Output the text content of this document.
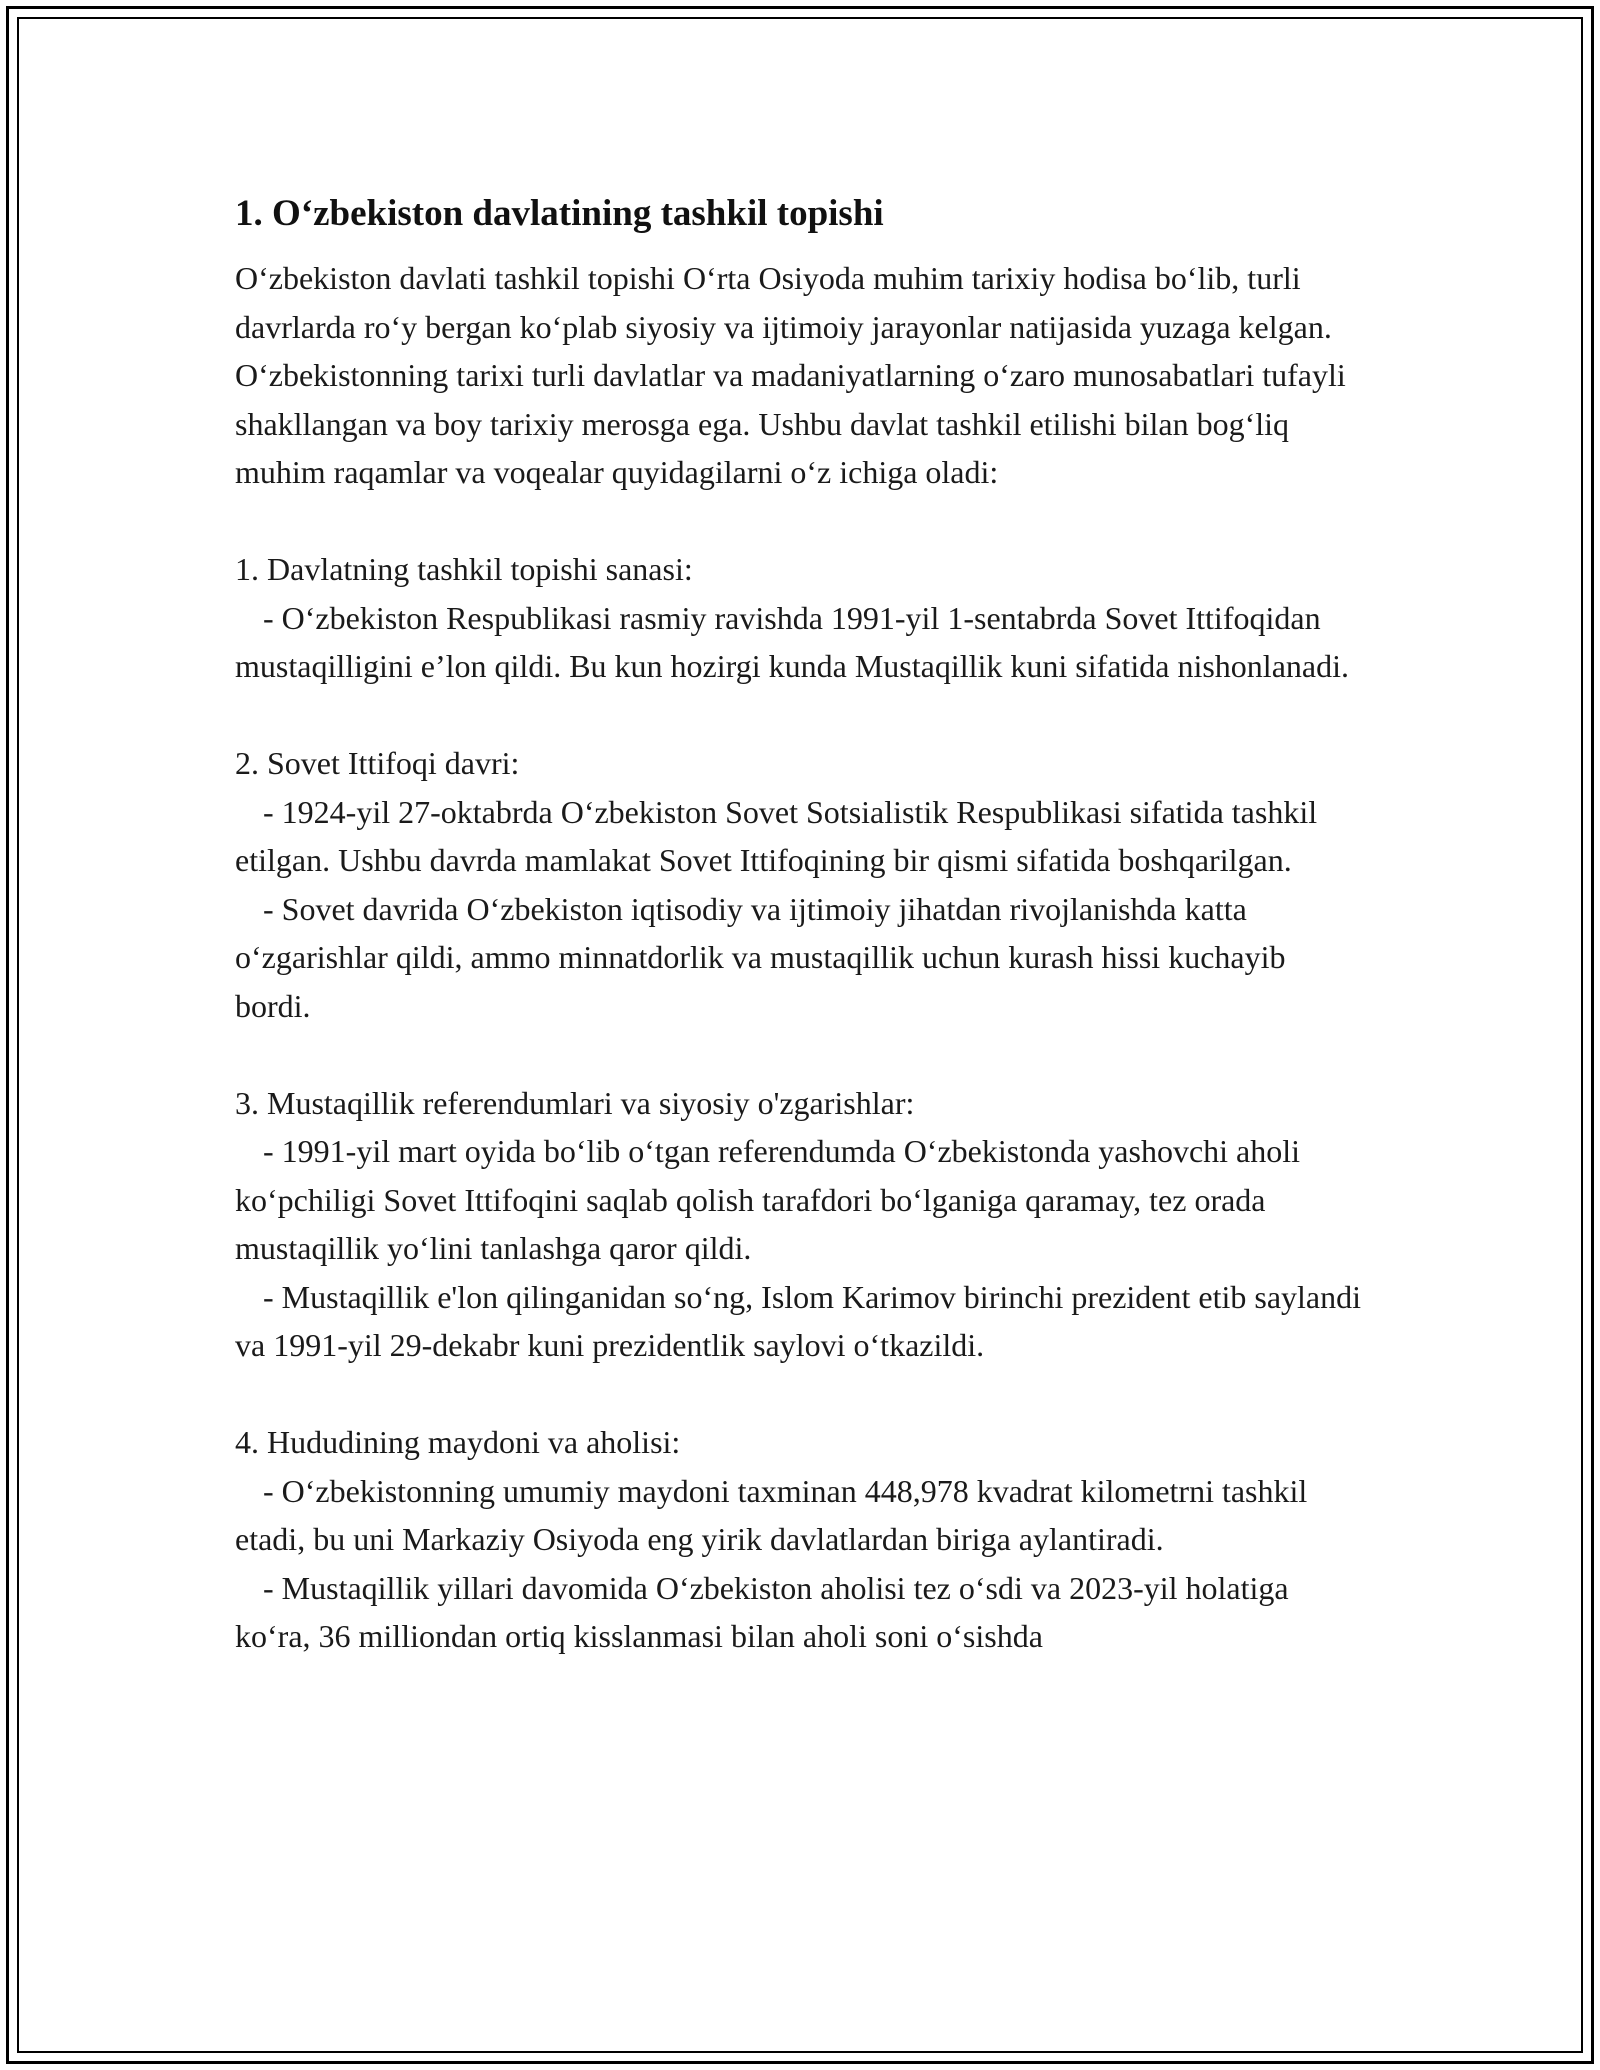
1. O‘zbekiston davlatining tashkil topishi

O‘zbekiston davlati tashkil topishi O‘rta Osiyoda muhim tarixiy hodisa bo‘lib, turli davrlarda ro‘y bergan ko‘plab siyosiy va ijtimoiy jarayonlar natijasida yuzaga kelgan. O‘zbekistonning tarixi turli davlatlar va madaniyatlarning o‘zaro munosabatlari tufayli shakllangan va boy tarixiy merosga ega. Ushbu davlat tashkil etilishi bilan bog‘liq muhim raqamlar va voqealar quyidagilarni o‘z ichiga oladi:

1. Davlatning tashkil topishi sanasi:

- O‘zbekiston Respublikasi rasmiy ravishda 1991-yil 1-sentabrda Sovet Ittifoqidan mustaqilligini e’lon qildi. Bu kun hozirgi kunda Mustaqillik kuni sifatida nishonlanadi.

2. Sovet Ittifoqi davri:

- 1924-yil 27-oktabrda O‘zbekiston Sovet Sotsialistik Respublikasi sifatida tashkil etilgan. Ushbu davrda mamlakat Sovet Ittifoqining bir qismi sifatida boshqarilgan.

- Sovet davrida O‘zbekiston iqtisodiy va ijtimoiy jihatdan rivojlanishda katta o‘zgarishlar qildi, ammo minnatdorlik va mustaqillik uchun kurash hissi kuchayib bordi.

3. Mustaqillik referendumlari va siyosiy o'zgarishlar:

- 1991-yil mart oyida bo‘lib o‘tgan referendumda O‘zbekistonda yashovchi aholi ko‘pchiligi Sovet Ittifoqini saqlab qolish tarafdori bo‘lganiga qaramay, tez orada mustaqillik yo‘lini tanlashga qaror qildi.

- Mustaqillik e'lon qilinganidan so‘ng, Islom Karimov birinchi prezident etib saylandi va 1991-yil 29-dekabr kuni prezidentlik saylovi o‘tkazildi.

4. Hududining maydoni va aholisi:

- O‘zbekistonning umumiy maydoni taxminan 448,978 kvadrat kilometrni tashkil etadi, bu uni Markaziy Osiyoda eng yirik davlatlardan biriga aylantiradi.

- Mustaqillik yillari davomida O‘zbekiston aholisi tez o‘sdi va 2023-yil holatiga ko‘ra, 36 milliondan ortiq kisslanmasi bilan aholi soni o‘sishda
